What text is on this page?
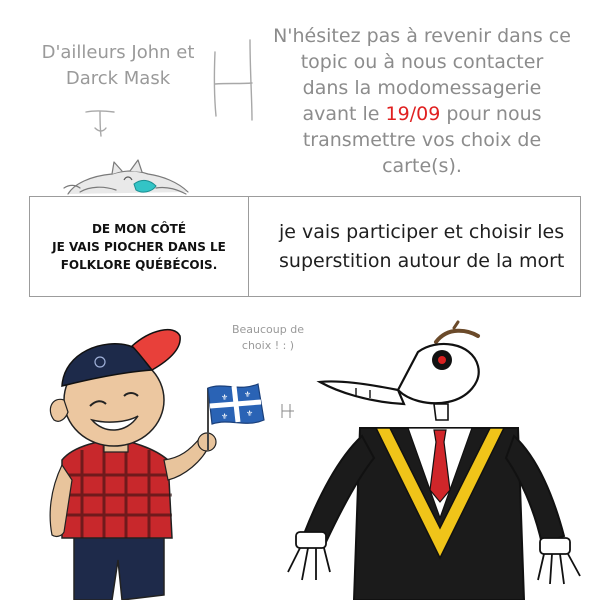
D'ailleurs John et
Darck Mask
N'hésitez pas à revenir dans ce
topic ou à nous contacter
dans la modomessagerie
avant le 19/09 pour nous
transmettre vos choix de
carte(s).
DE MON CÔTÉ
JE VAIS PIOCHER DANS LE
FOLKLORE QUÉBÉCOIS.
je vais participer et choisir les
superstition autour de la mort
Beaucoup de
choix ! : )
⚜ ⚜
⚜ ⚜
